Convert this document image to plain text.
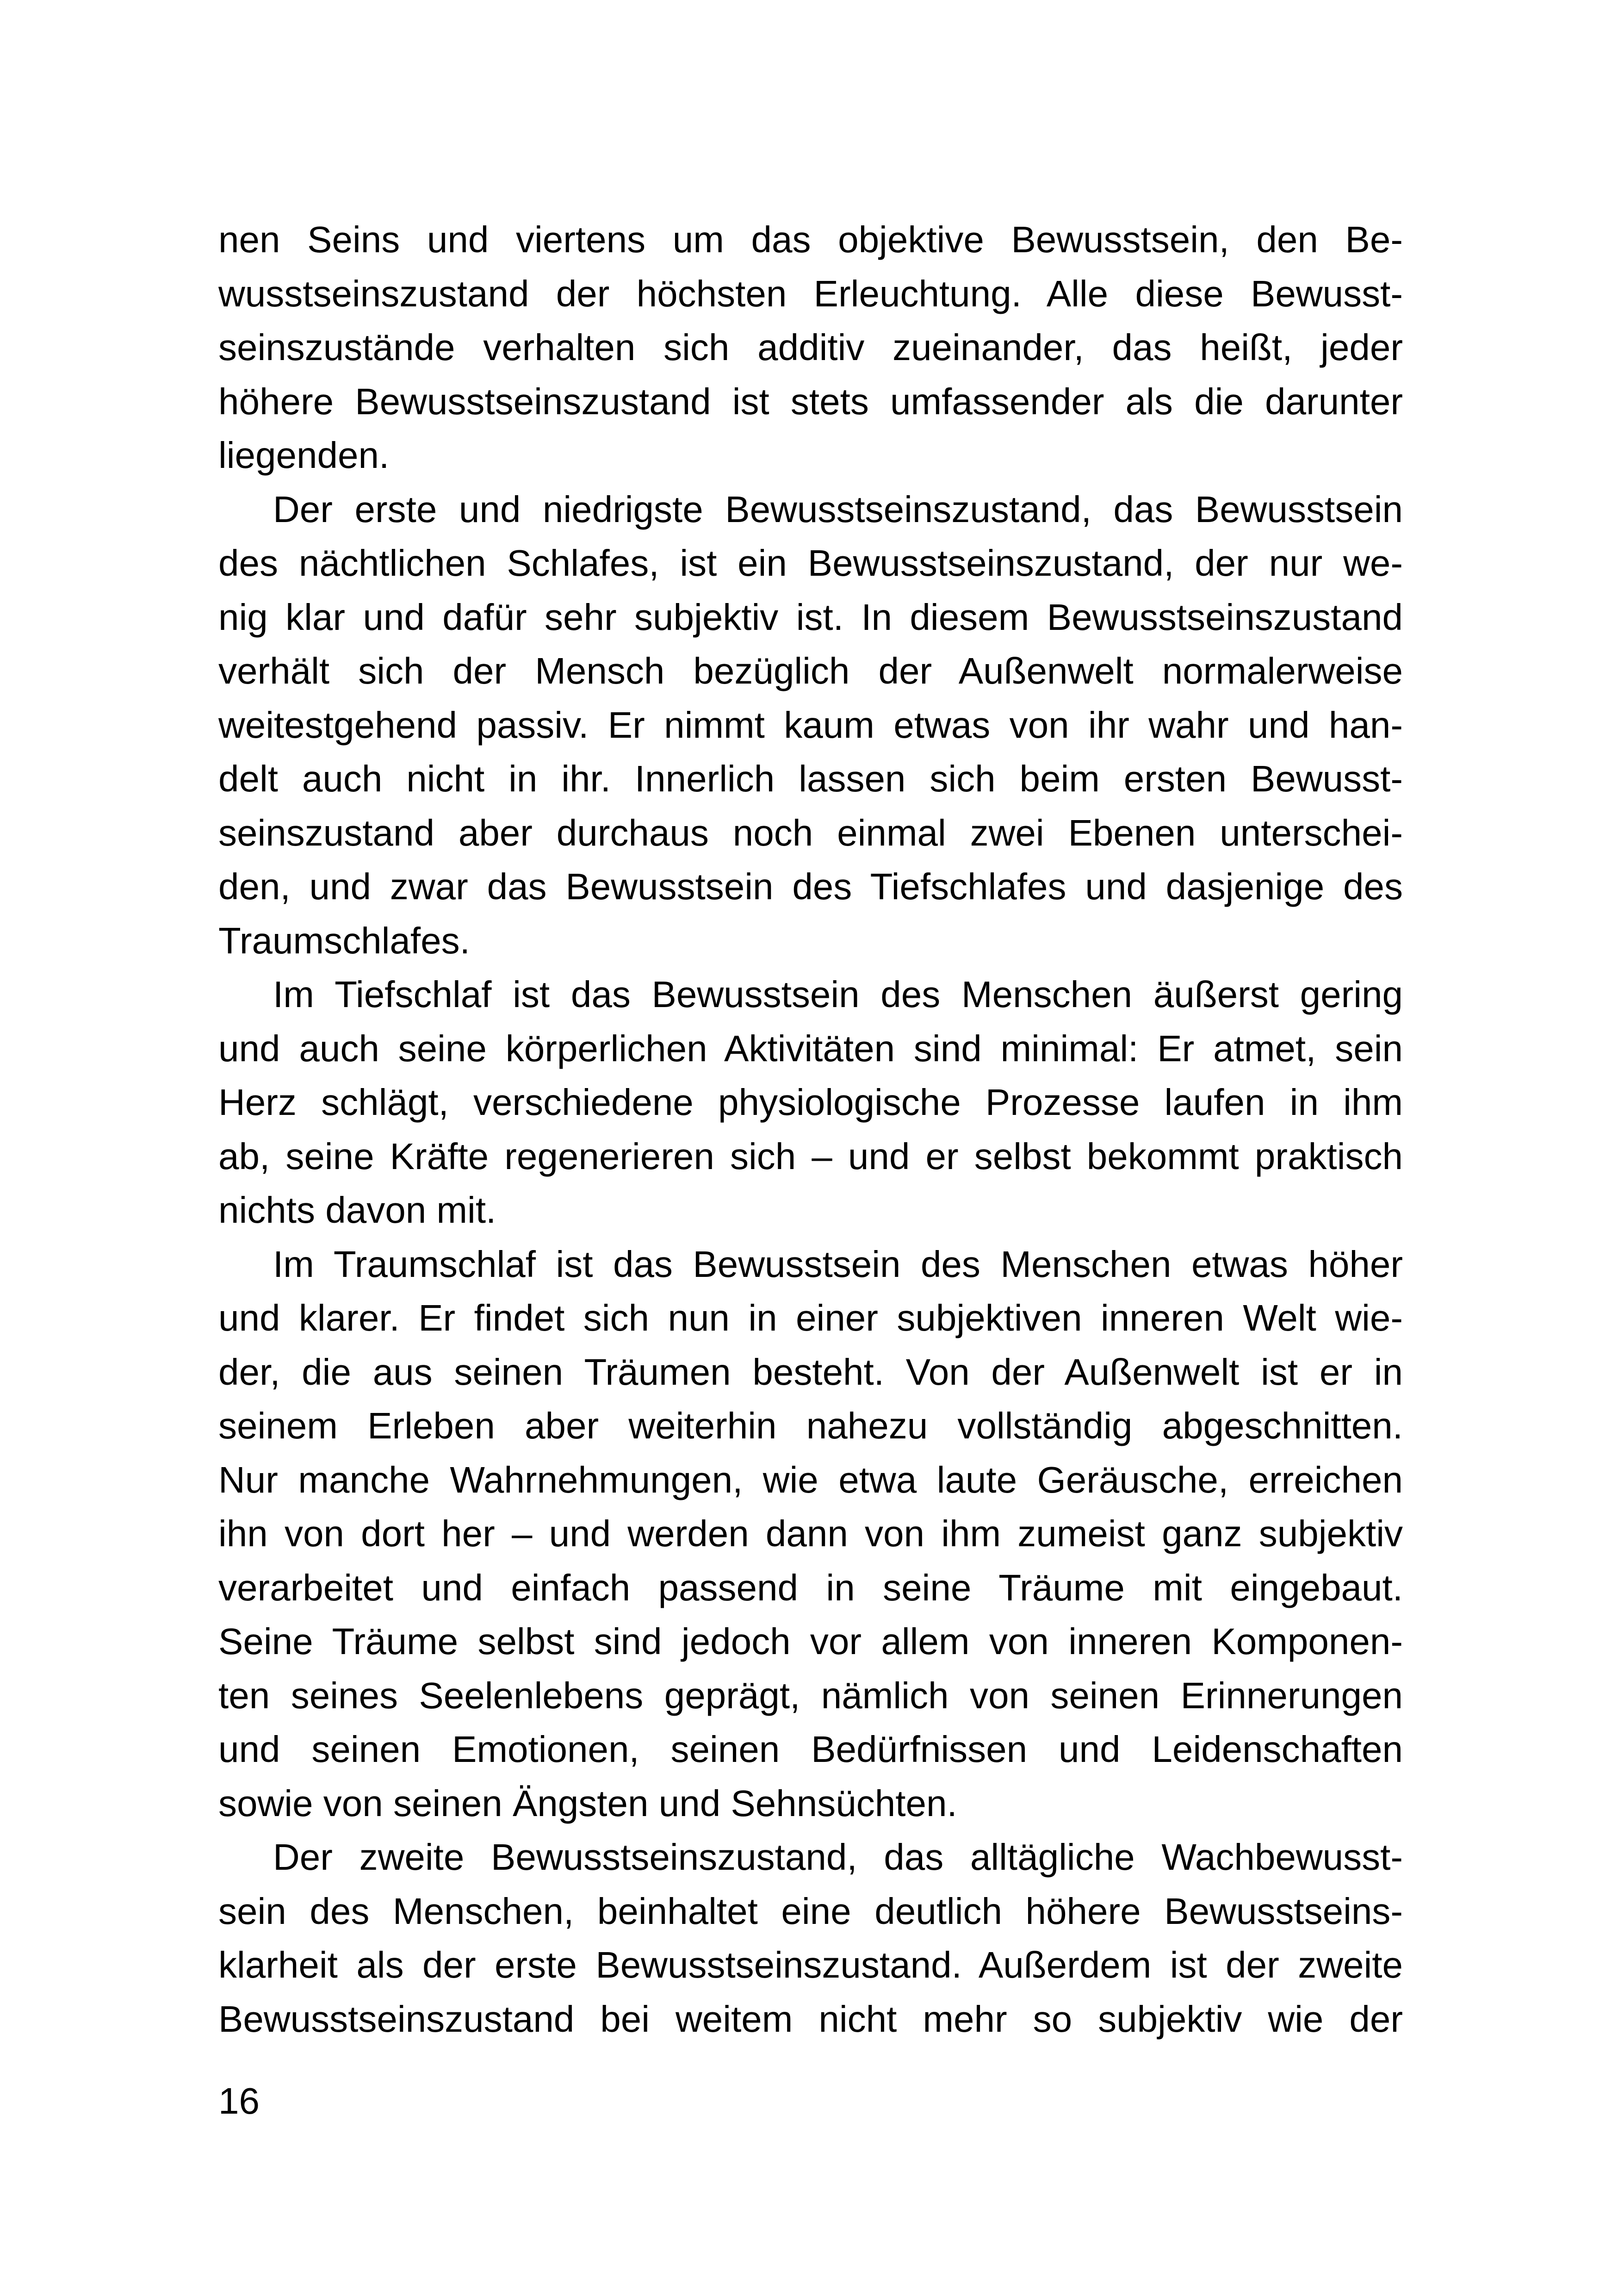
nen Seins und viertens um das objektive Bewusstsein, den Be-
wusstseinszustand der höchsten Erleuchtung. Alle diese Bewusst-
seinszustände verhalten sich additiv zueinander, das heißt, jeder
höhere Bewusstseinszustand ist stets umfassender als die darunter
liegenden.
Der erste und niedrigste Bewusstseinszustand, das Bewusstsein
des nächtlichen Schlafes, ist ein Bewusstseinszustand, der nur we-
nig klar und dafür sehr subjektiv ist. In diesem Bewusstseinszustand
verhält sich der Mensch bezüglich der Außenwelt normalerweise
weitestgehend passiv. Er nimmt kaum etwas von ihr wahr und han-
delt auch nicht in ihr. Innerlich lassen sich beim ersten Bewusst-
seinszustand aber durchaus noch einmal zwei Ebenen unterschei-
den, und zwar das Bewusstsein des Tiefschlafes und dasjenige des
Traumschlafes.
Im Tiefschlaf ist das Bewusstsein des Menschen äußerst gering
und auch seine körperlichen Aktivitäten sind minimal: Er atmet, sein
Herz schlägt, verschiedene physiologische Prozesse laufen in ihm
ab, seine Kräfte regenerieren sich – und er selbst bekommt praktisch
nichts davon mit.
Im Traumschlaf ist das Bewusstsein des Menschen etwas höher
und klarer. Er findet sich nun in einer subjektiven inneren Welt wie-
der, die aus seinen Träumen besteht. Von der Außenwelt ist er in
seinem Erleben aber weiterhin nahezu vollständig abgeschnitten.
Nur manche Wahrnehmungen, wie etwa laute Geräusche, erreichen
ihn von dort her – und werden dann von ihm zumeist ganz subjektiv
verarbeitet und einfach passend in seine Träume mit eingebaut.
Seine Träume selbst sind jedoch vor allem von inneren Komponen-
ten seines Seelenlebens geprägt, nämlich von seinen Erinnerungen
und seinen Emotionen, seinen Bedürfnissen und Leidenschaften
sowie von seinen Ängsten und Sehnsüchten.
Der zweite Bewusstseinszustand, das alltägliche Wachbewusst-
sein des Menschen, beinhaltet eine deutlich höhere Bewusstseins-
klarheit als der erste Bewusstseinszustand. Außerdem ist der zweite
Bewusstseinszustand bei weitem nicht mehr so subjektiv wie der
16
